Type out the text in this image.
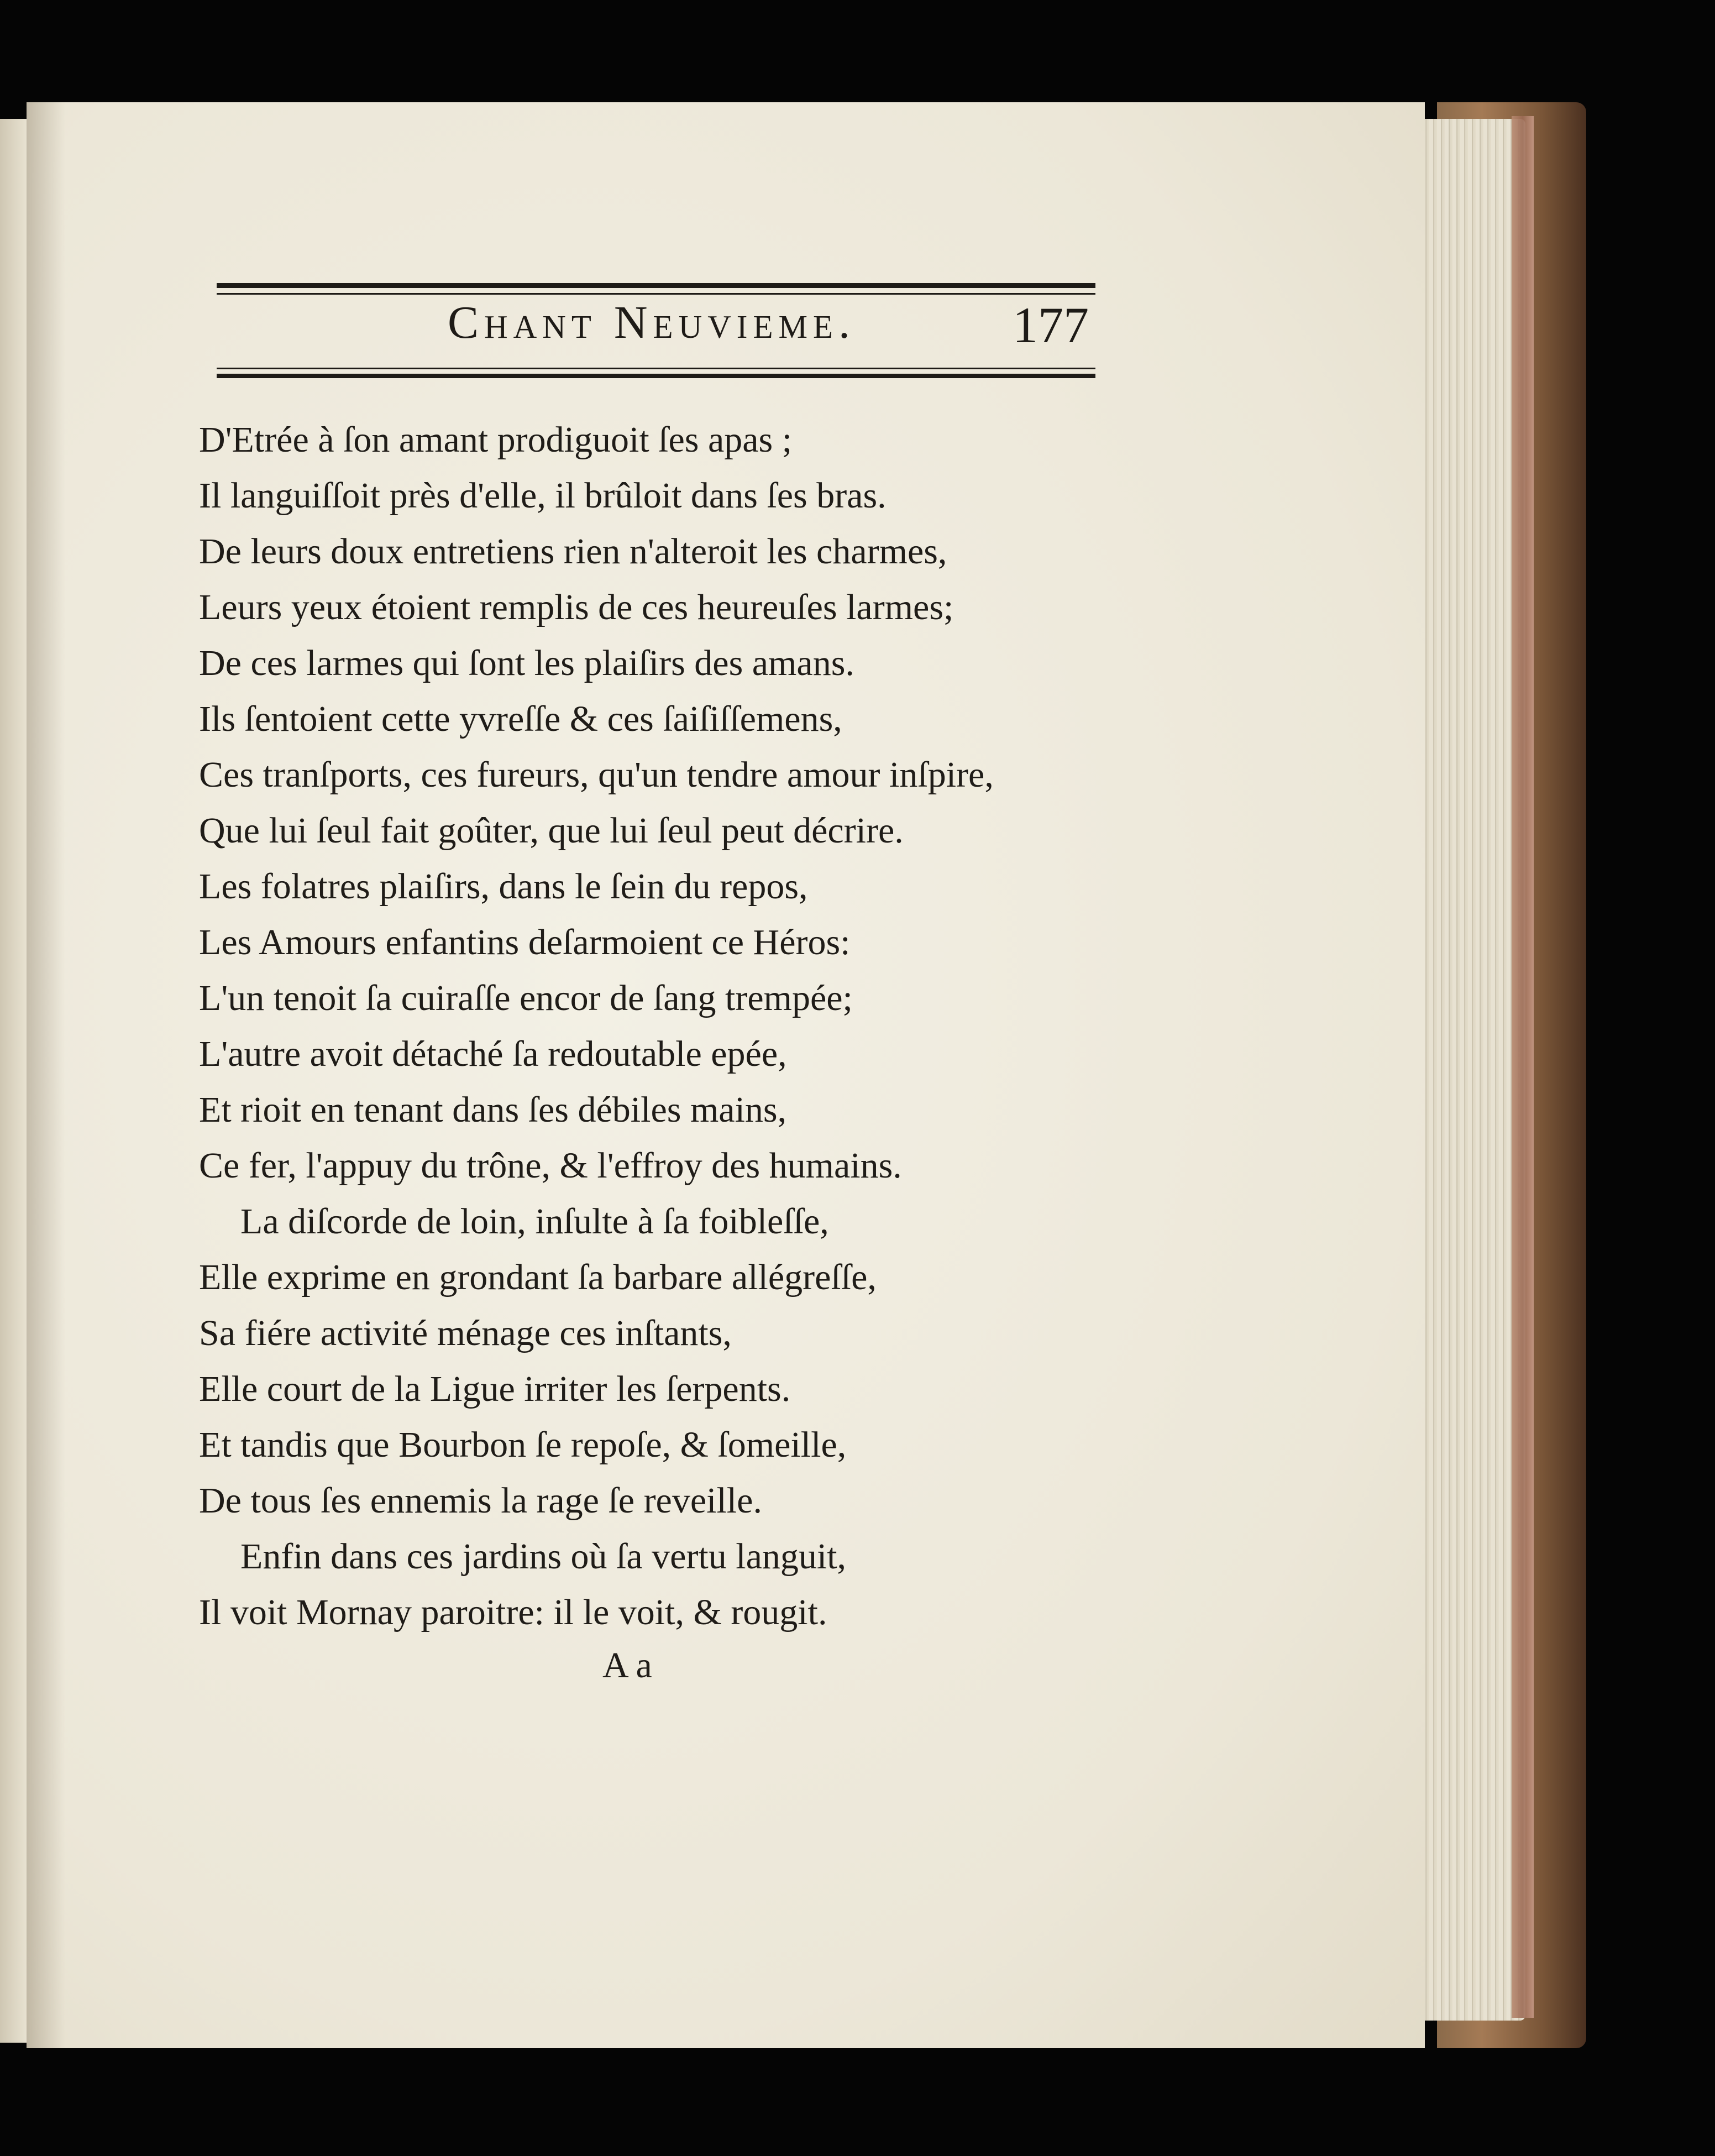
Chant Neuvieme.	177
D'Etrée à ſon amant prodiguoit ſes apas ;
Il languiſſoit près d'elle, il brûloit dans ſes bras.
De leurs doux entretiens rien n'alteroit les charmes,
Leurs yeux étoient remplis de ces heureuſes larmes;
De ces larmes qui ſont les plaiſirs des amans.
Ils ſentoient cette yvreſſe & ces ſaiſiſſemens,
Ces tranſports, ces fureurs, qu'un tendre amour inſpire,
Que lui ſeul fait goûter, que lui ſeul peut décrire.
Les folatres plaiſirs, dans le ſein du repos,
Les Amours enfantins deſarmoient ce Héros:
L'un tenoit ſa cuiraſſe encor de ſang trempée;
L'autre avoit détaché ſa redoutable epée,
Et rioit en tenant dans ſes débiles mains,
Ce fer, l'appuy du trône, & l'effroy des humains.
La diſcorde de loin, inſulte à ſa foibleſſe,
Elle exprime en grondant ſa barbare allégreſſe,
Sa fiére activité ménage ces inſtants,
Elle court de la Ligue irriter les ſerpents.
Et tandis que Bourbon ſe repoſe, & ſomeille,
De tous ſes ennemis la rage ſe reveille.
Enfin dans ces jardins où ſa vertu languit,
Il voit Mornay paroitre: il le voit, & rougit.
A a
